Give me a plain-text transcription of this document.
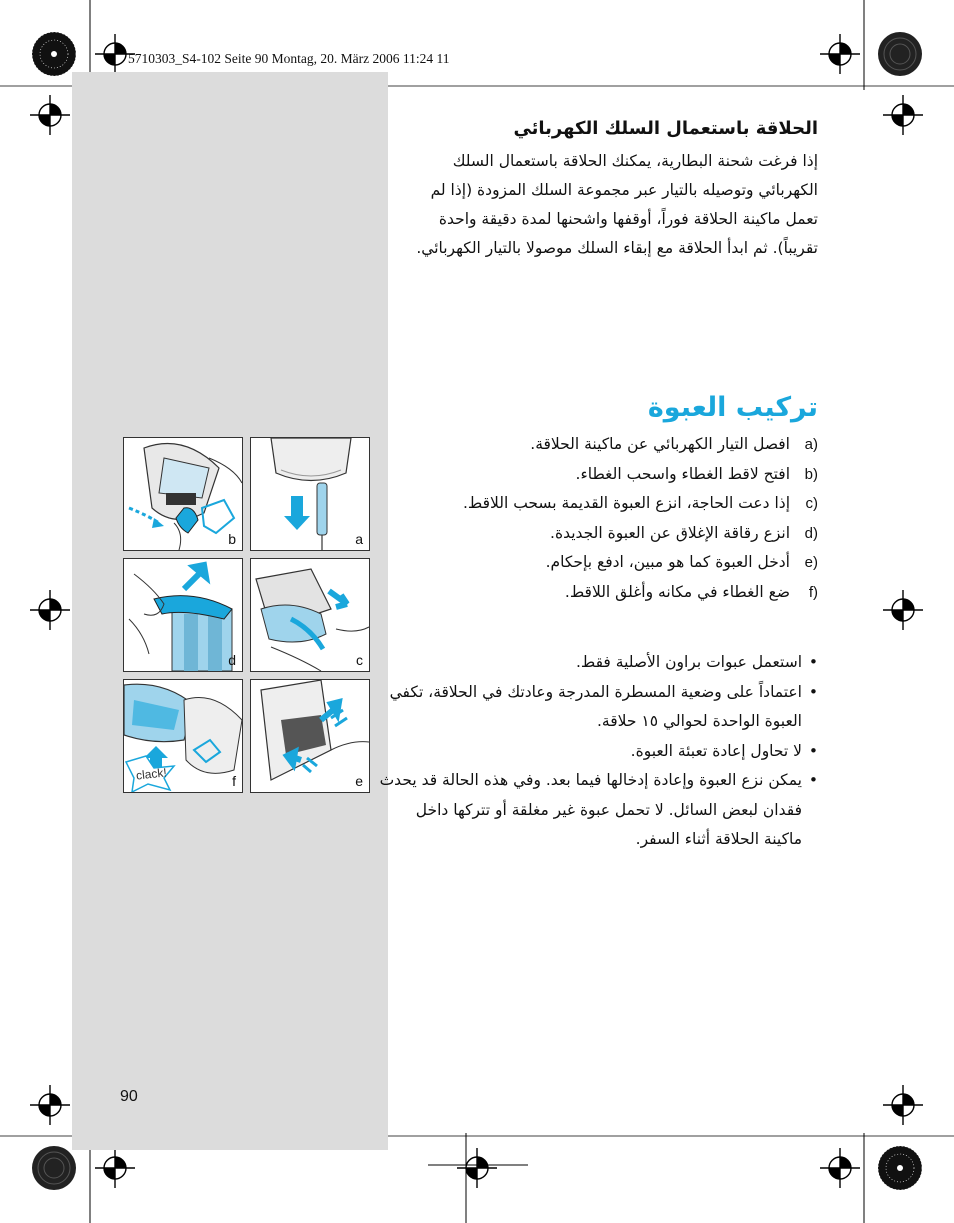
5710303_S4-102 Seite 90 Montag, 20. März 2006 11:24 11
الحلاقة باستعمال السلك الكهربائي
إذا فرغت شحنة البطارية، يمكنك الحلاقة باستعمال السلك الكهربائي وتوصيله بالتيار عبر مجموعة السلك المزودة (إذا لم تعمل ماكينة الحلاقة فوراً، أوقفها واشحنها لمدة دقيقة واحدة تقريباً). ثم ابدأ الحلاقة مع إبقاء السلك موصولا بالتيار الكهربائي.
تركيب العبوة
a)
افصل التيار الكهربائي عن ماكينة الحلاقة.
b)
افتح لاقط الغطاء واسحب الغطاء.
c)
إذا دعت الحاجة، انزع العبوة القديمة بسحب اللاقط.
d)
انزع رقاقة الإغلاق عن العبوة الجديدة.
e)
أدخل العبوة كما هو مبين، ادفع بإحكام.
f)
ضع الغطاء في مكانه وأغلق اللاقط.
•
استعمل عبوات براون الأصلية فقط.
•
اعتماداً على وضعية المسطرة المدرجة وعادتك في الحلاقة، تكفي العبوة الواحدة لحوالي ١٥ حلاقة.
•
لا تحاول إعادة تعبئة العبوة.
•
يمكن نزع العبوة وإعادة إدخالها فيما بعد. وفي هذه الحالة قد يحدث فقدان لبعض السائل. لا تحمل عبوة غير مغلقة أو تتركها داخل ماكينة الحلاقة أثناء السفر.
b	a
d	c
clack!	f	e
90
